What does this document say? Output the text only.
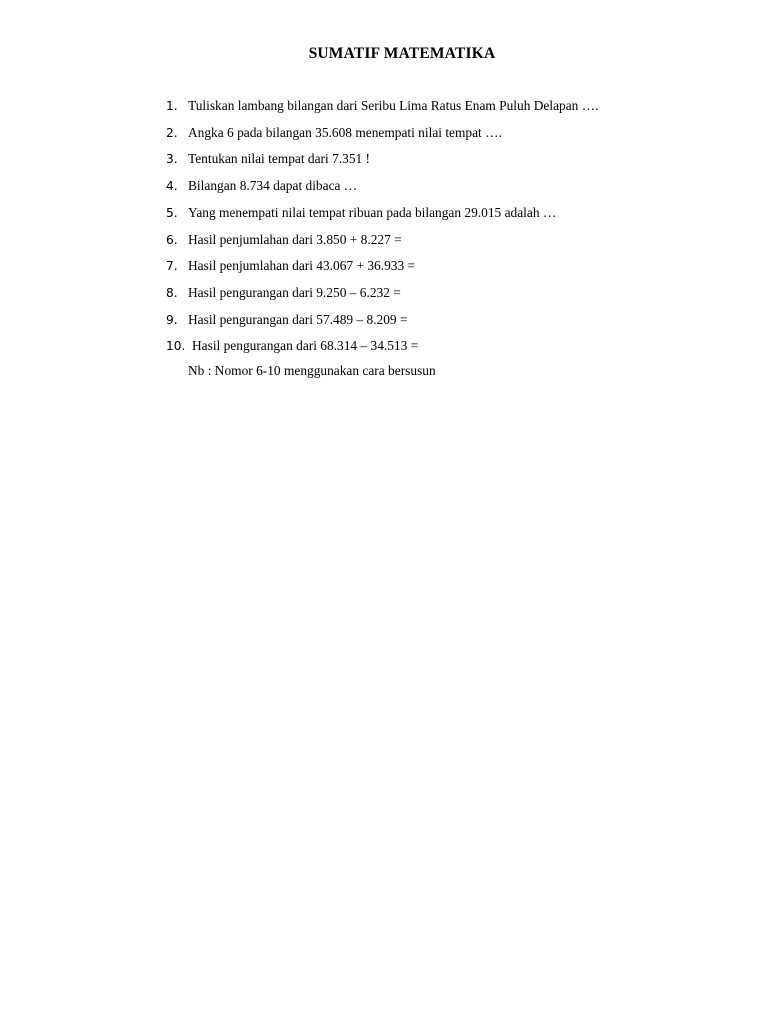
SUMATIF MATEMATIKA
1. Tuliskan lambang bilangan dari Seribu Lima Ratus Enam Puluh Delapan ….
2. Angka 6 pada bilangan 35.608 menempati nilai tempat ….
3. Tentukan nilai tempat dari 7.351 !
4. Bilangan 8.734 dapat dibaca …
5. Yang menempati nilai tempat ribuan pada bilangan 29.015 adalah …
6. Hasil penjumlahan dari 3.850 + 8.227 =
7. Hasil penjumlahan dari 43.067 + 36.933 =
8. Hasil pengurangan dari 9.250 – 6.232 =
9. Hasil pengurangan dari 57.489 – 8.209 =
10. Hasil pengurangan dari 68.314 – 34.513 =
Nb : Nomor 6-10 menggunakan cara bersusun
